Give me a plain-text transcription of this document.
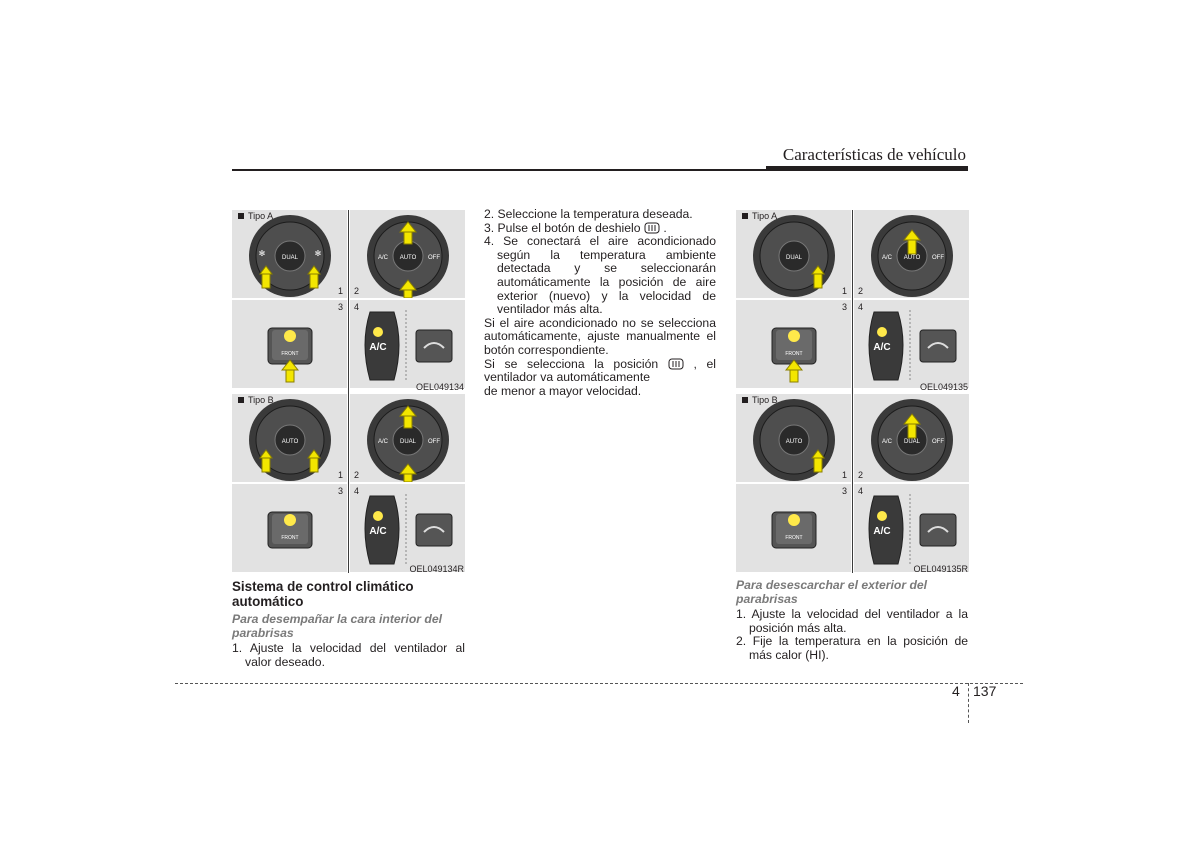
Características de vehículo
Tipo A
1
DUAL
✻	✻
2
AUTO
A/C	OFF
3
FRONT
4
A/C
OEL049134
Tipo B
1
AUTO
2
DUAL
A/C	OFF
3
FRONT
4
A/C
OEL049134R

Sistema de control climático automático

Para desempañar la cara interior del parabrisas

1. Ajuste la velocidad del ventilador al valor deseado.

2. Seleccione la temperatura deseada.

3. Pulse el botón de deshielo .

4. Se conectará el aire acondicionado según la temperatura ambiente detectada y se seleccionarán automáticamente la posición de aire exterior (nuevo) y la velocidad de ventilador más alta.

Si el aire acondicionado no se selecciona automáticamente, ajuste manualmente el botón correspondiente.

Si se selecciona la posición	, el ventilador va automáticamente

de menor a mayor velocidad.

Tipo A
1
DUAL
2
AUTO
A/C	OFF
3
FRONT
4
A/C
OEL049135
Tipo B
1
AUTO
2
DUAL
A/C	OFF
3
FRONT
4
A/C
OEL049135R

Para desescarchar el exterior del parabrisas

1. Ajuste la velocidad del ventilador a la posición más alta.

2. Fije la temperatura en la posición de más calor (HI).

4 137
